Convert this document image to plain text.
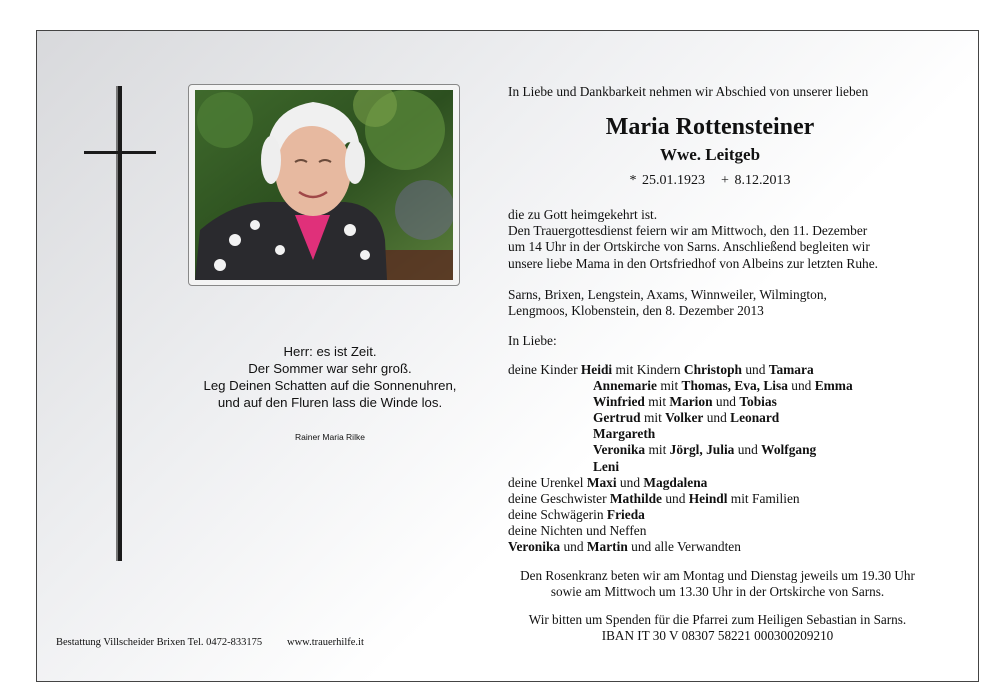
Herr: es ist Zeit.
Der Sommer war sehr groß.
Leg Deinen Schatten auf die Sonnenuhren,
und auf den Fluren lass die Winde los.
Rainer Maria Rilke
Bestattung Villscheider Brixen Tel. 0472-833175 www.trauerhilfe.it
In Liebe und Dankbarkeit nehmen wir Abschied von unserer lieben
Maria Rottensteiner
Wwe. Leitgeb
* 25.01.1923 + 8.12.2013
die zu Gott heimgekehrt ist.
Den Trauergottesdienst feiern wir am Mittwoch, den 11. Dezember
um 14 Uhr in der Ortskirche von Sarns. Anschließend begleiten wir
unsere liebe Mama in den Ortsfriedhof von Albeins zur letzten Ruhe.
Sarns, Brixen, Lengstein, Axams, Winnweiler, Wilmington,
Lengmoos, Klobenstein, den 8. Dezember 2013
In Liebe:
deine Kinder Heidi mit Kindern Christoph und Tamara
Annemarie mit Thomas, Eva, Lisa und Emma
Winfried mit Marion und Tobias
Gertrud mit Volker und Leonard
Margareth
Veronika mit Jörgl, Julia und Wolfgang
Leni
deine Urenkel Maxi und Magdalena
deine Geschwister Mathilde und Heindl mit Familien
deine Schwägerin Frieda
deine Nichten und Neffen
Veronika und Martin und alle Verwandten
Den Rosenkranz beten wir am Montag und Dienstag jeweils um 19.30 Uhr
sowie am Mittwoch um 13.30 Uhr in der Ortskirche von Sarns.
Wir bitten um Spenden für die Pfarrei zum Heiligen Sebastian in Sarns.
IBAN IT 30 V 08307 58221 000300209210
